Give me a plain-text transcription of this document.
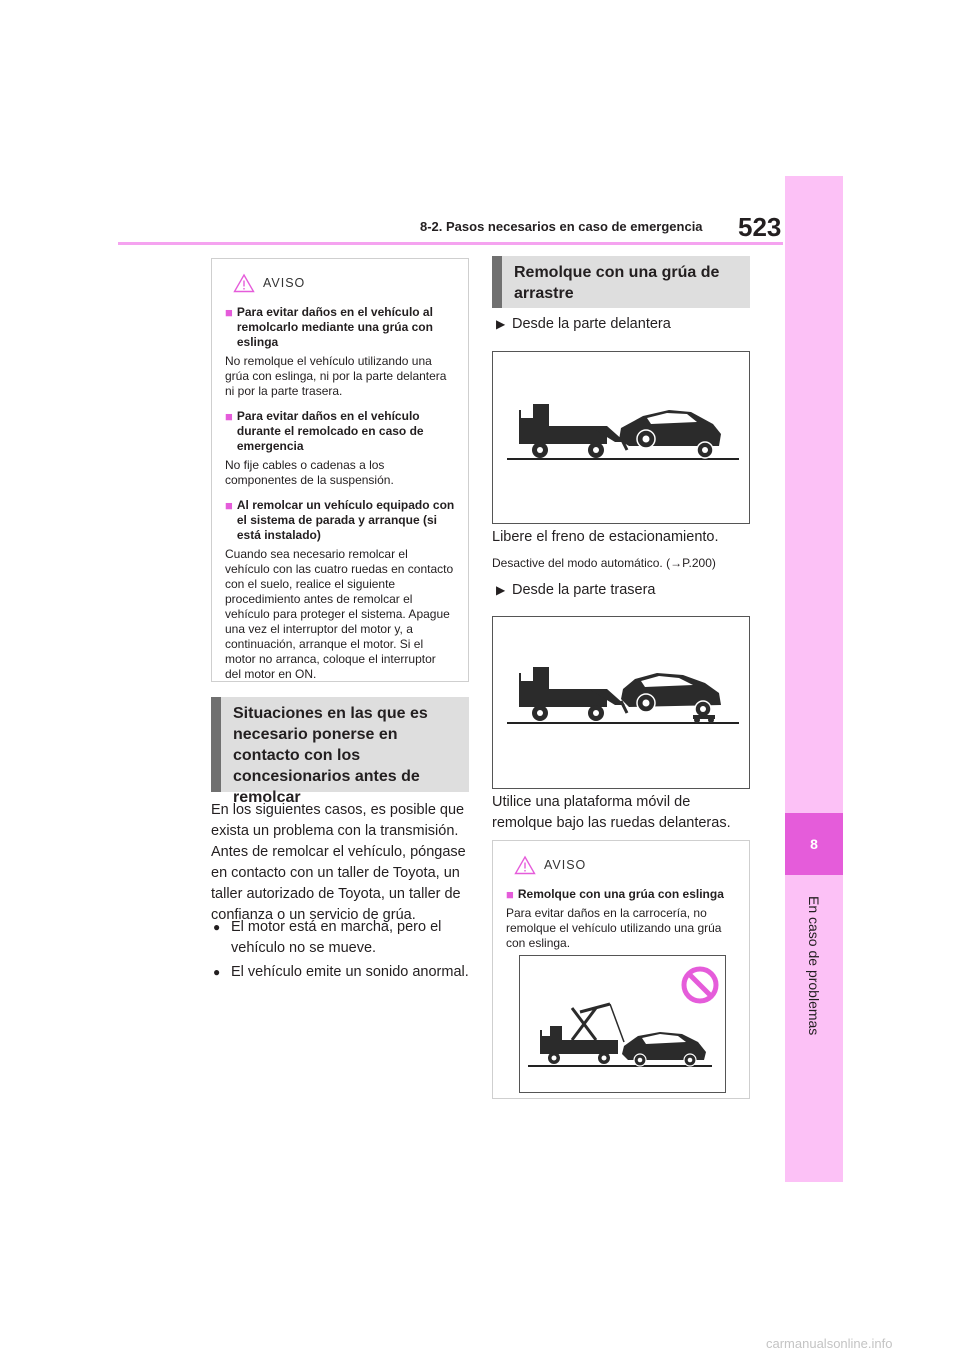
8-2. Pasos necesarios en caso de emergencia 523
8
En caso de problemas
AVISO
■ Para evitar daños en el vehículo al remolcarlo mediante una grúa con eslinga
No remolque el vehículo utilizando una grúa con eslinga, ni por la parte delantera ni por la parte trasera.
■ Para evitar daños en el vehículo durante el remolcado en caso de emergencia
No fije cables o cadenas a los componentes de la suspensión.
■ Al remolcar un vehículo equipado con el sistema de parada y arranque (si está instalado)
Cuando sea necesario remolcar el vehículo con las cuatro ruedas en contacto con el suelo, realice el siguiente procedimiento antes de remolcar el vehículo para proteger el sistema. Apague una vez el interruptor del motor y, a continuación, arranque el motor. Si el motor no arranca, coloque el interruptor del motor en ON.
Situaciones en las que es necesario ponerse en contacto con los concesionarios antes de remolcar
En los siguientes casos, es posible que exista un problema con la transmisión. Antes de remolcar el vehículo, póngase en contacto con un taller de Toyota, un taller autorizado de Toyota, un taller de confianza o un servicio de grúa.
● El motor está en marcha, pero el vehículo no se mueve.
● El vehículo emite un sonido anormal.
Remolque con una grúa de arrastre
▶ Desde la parte delantera
Libere el freno de estacionamiento.
Desactive del modo automático. (→P.200)
▶ Desde la parte trasera
Utilice una plataforma móvil de remolque bajo las ruedas delanteras.
AVISO
■ Remolque con una grúa con eslinga
Para evitar daños en la carrocería, no remolque el vehículo utilizando una grúa con eslinga.
carmanualsonline.info
